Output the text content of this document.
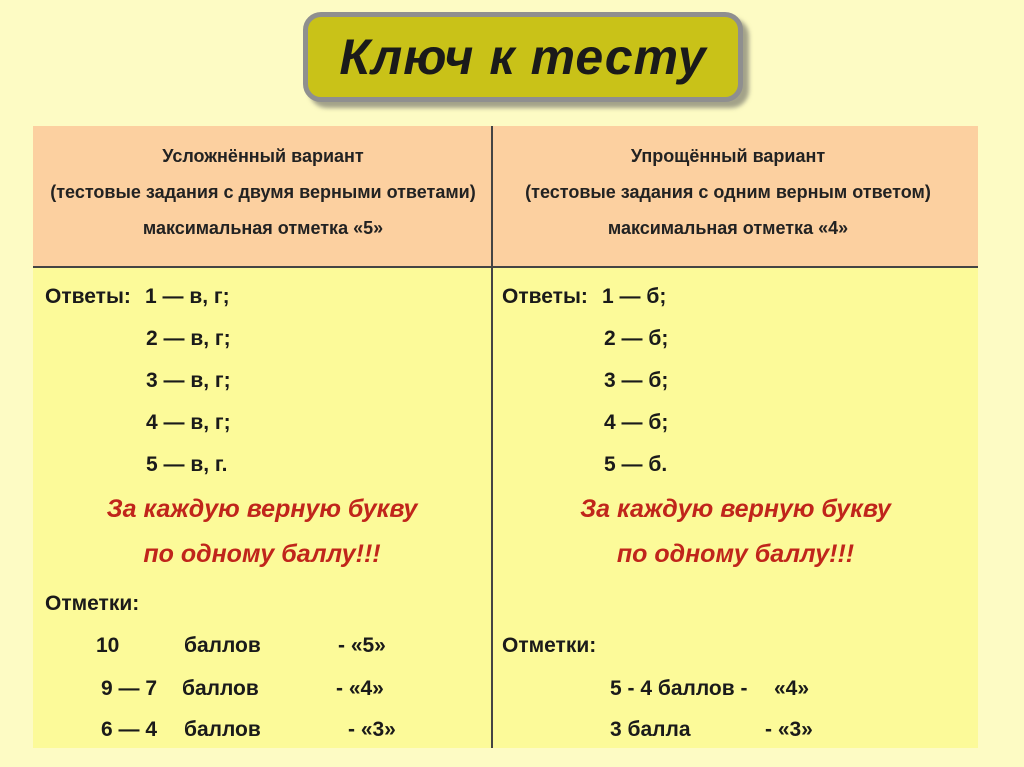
Ключ к тесту

Усложнённый вариант

(тестовые задания с двумя верными ответами)

максимальная отметка «5»

Упрощённый вариант

(тестовые задания с одним верным ответом)

максимальная отметка «4»

Ответы: 1 — в, г;
2 — в, г;
3 — в, г;
4 — в, г;
5 — в, г.
За каждую верную букву
по одному баллу!!!
Отметки:
10	баллов	- «5»
9 — 7 баллов	- «4»
6 — 4 баллов	- «3»
Ответы: 1 — б;
2 — б;
3 — б;
4 — б;
5 — б.
За каждую верную букву
по одному баллу!!!
Отметки:
5 - 4 баллов - «4»
3 балла	- «3»
